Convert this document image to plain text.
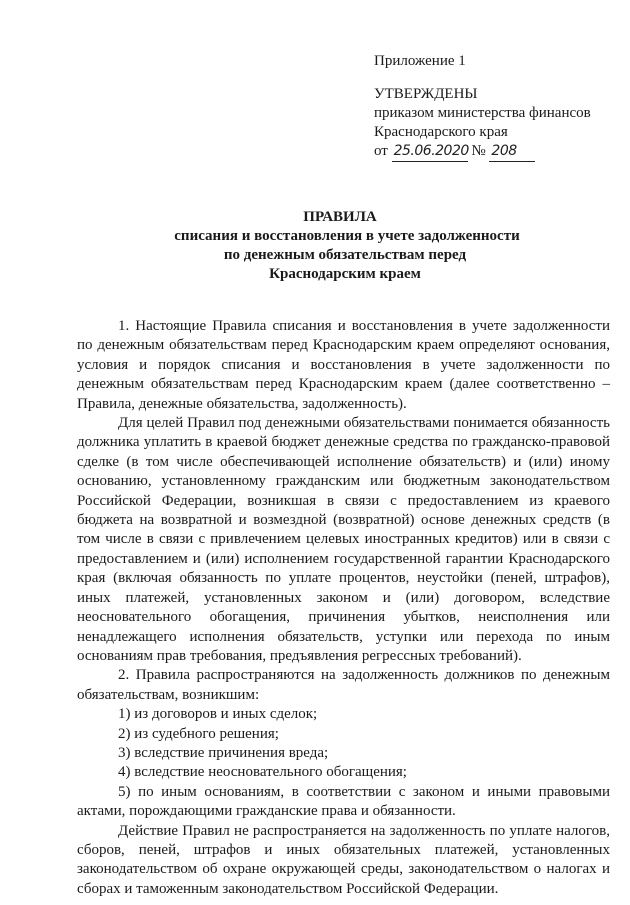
Приложение 1
УТВЕРЖДЕНЫ
приказом министерства финансов
Краснодарского края
от 25.06.2020 № 208
ПРАВИЛА
списания и восстановления в учете задолженности
по денежным обязательствам перед
Краснодарским краем

1. Настоящие Правила списания и восстановления в учете задолженности по денежным обязательствам перед Краснодарским краем определяют основания, условия и порядок списания и восстановления в учете задолженности по денежным обязательствам перед Краснодарским краем (далее соответственно – Правила, денежные обязательства, задолженность).

Для целей Правил под денежными обязательствами понимается обязанность должника уплатить в краевой бюджет денежные средства по гражданско-правовой сделке (в том числе обеспечивающей исполнение обязательств) и (или) иному основанию, установленному гражданским или бюджетным законодательством Российской Федерации, возникшая в связи с предоставлением из краевого бюджета на возвратной и возмездной (возвратной) основе денежных средств (в том числе в связи с привлечением целевых иностранных кредитов) или в связи с предоставлением и (или) исполнением государственной гарантии Краснодарского края (включая обязанность по уплате процентов, неустойки (пеней, штрафов), иных платежей, установленных законом и (или) договором, вследствие неосновательного обогащения, причинения убытков, неисполнения или ненадлежащего исполнения обязательств, уступки или перехода по иным основаниям прав требования, предъявления регрессных требований).

2. Правила распространяются на задолженность должников по денежным обязательствам, возникшим:

1) из договоров и иных сделок;

2) из судебного решения;

3) вследствие причинения вреда;

4) вследствие неосновательного обогащения;

5) по иным основаниям, в соответствии с законом и иными правовыми актами, порождающими гражданские права и обязанности.

Действие Правил не распространяется на задолженность по уплате налогов, сборов, пеней, штрафов и иных обязательных платежей, установленных законодательством об охране окружающей среды, законодательством о налогах и сборах и таможенным законодательством Российской Федерации.
